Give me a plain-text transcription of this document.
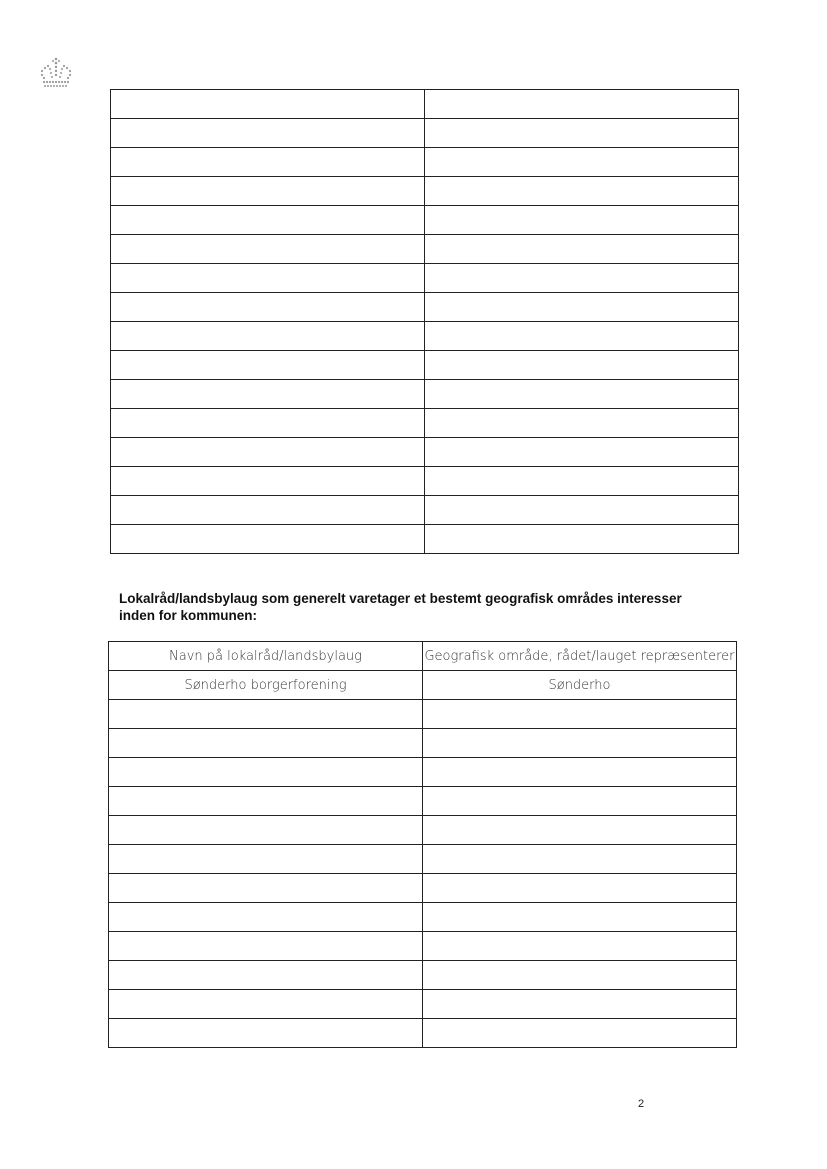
Lokalråd/landsbylaug som generelt varetager et bestemt geografisk områdes interesser inden for kommunen:
Navn på lokalråd/landsbylaug	Geografisk område, rådet/lauget repræsenterer
Sønderho borgerforening	Sønderho

2
